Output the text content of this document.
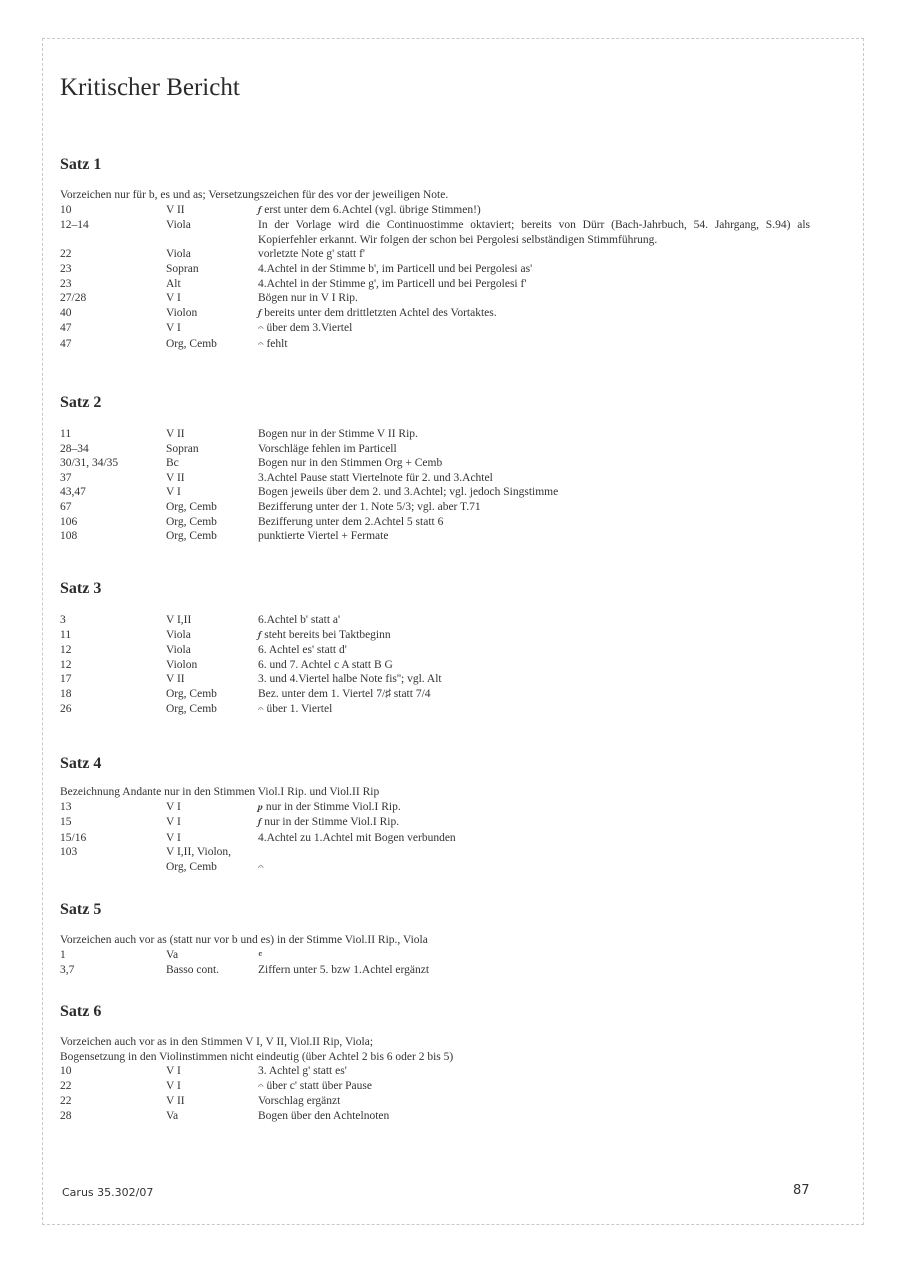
Kritischer Bericht
Satz 1
Vorzeichen nur für b, es und as; Versetzungszeichen für des vor der jeweiligen Note.
10	V II	𝆑 erst unter dem 6.Achtel (vgl. übrige Stimmen!)
12–14	Viola	In der Vorlage wird die Continuostimme oktaviert; bereits von Dürr (Bach-Jahrbuch, 54. Jahrgang, S.94) als Kopierfehler erkannt. Wir folgen der schon bei Pergolesi selbständigen Stimmführung.
22	Viola	vorletzte Note g' statt f'
23	Sopran	4.Achtel in der Stimme b', im Particell und bei Pergolesi as'
23	Alt	4.Achtel in der Stimme g', im Particell und bei Pergolesi f'
27/28	V I	Bögen nur in V I Rip.
40	Violon	𝆑 bereits unter dem drittletzten Achtel des Vortaktes.
47	V I	𝄐 über dem 3.Viertel
47	Org, Cemb	𝄐 fehlt
Satz 2
11	V II	Bogen nur in der Stimme V II Rip.
28–34	Sopran	Vorschläge fehlen im Particell
30/31, 34/35	Bc	Bogen nur in den Stimmen Org + Cemb
37	V II	3.Achtel Pause statt Viertelnote für 2. und 3.Achtel
43,47	V I	Bogen jeweils über dem 2. und 3.Achtel; vgl. jedoch Singstimme
67	Org, Cemb	Bezifferung unter der 1. Note 5/3; vgl. aber T.71
106	Org, Cemb	Bezifferung unter dem 2.Achtel 5 statt 6
108	Org, Cemb	punktierte Viertel + Fermate
Satz 3
3	V I,II	6.Achtel b' statt a'
11	Viola	𝆑 steht bereits bei Taktbeginn
12	Viola	6. Achtel es' statt d'
12	Violon	6. und 7. Achtel c A statt B G
17	V II	3. und 4.Viertel halbe Note fis''; vgl. Alt
18	Org, Cemb	Bez. unter dem 1. Viertel 7/♯ statt 7/4
26	Org, Cemb	𝄐 über 1. Viertel
Satz 4
Bezeichnung Andante nur in den Stimmen Viol.I Rip. und Viol.II Rip
13	V I	𝆏 nur in der Stimme Viol.I Rip.
15	V I	𝆑 nur in der Stimme Viol.I Rip.
15/16	V I	4.Achtel zu 1.Achtel mit Bogen verbunden
103	V I,II, Violon,
Org, Cemb	𝄐
Satz 5
Vorzeichen auch vor as (statt nur vor b und es) in der Stimme Viol.II Rip., Viola
1	Va	𝄴
3,7	Basso cont.	Ziffern unter 5. bzw 1.Achtel ergänzt
Satz 6
Vorzeichen auch vor as in den Stimmen V I, V II, Viol.II Rip, Viola;
Bogensetzung in den Violinstimmen nicht eindeutig (über Achtel 2 bis 6 oder 2 bis 5)
10	V I	3. Achtel g' statt es'
22	V I	𝄐 über c' statt über Pause
22	V II	Vorschlag ergänzt
28	Va	Bogen über den Achtelnoten
Carus 35.302/07	87
